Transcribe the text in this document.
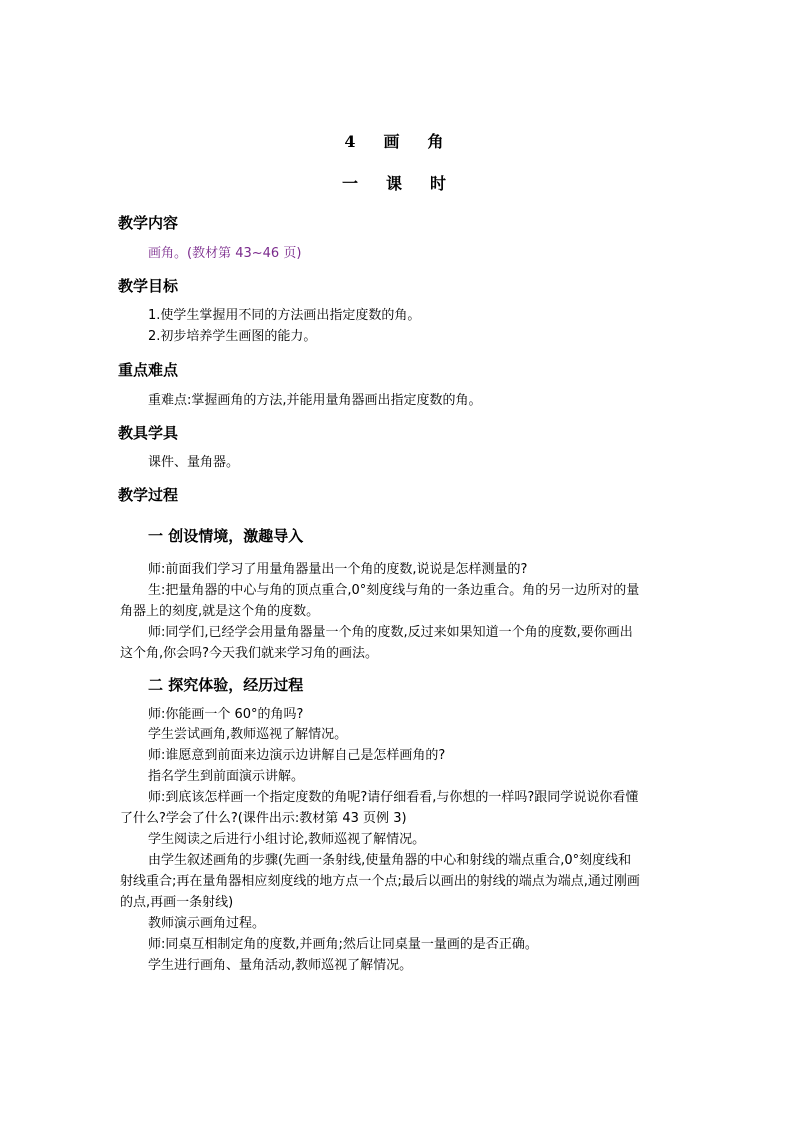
4　画　角
一　课　时
教学内容
画角。(教材第 43~46 页)
教学目标
1.使学生掌握用不同的方法画出指定度数的角。
2.初步培养学生画图的能力。
重点难点
重难点:掌握画角的方法,并能用量角器画出指定度数的角。
教具学具
课件、量角器。
教学过程
一 创设情境，激趣导入
师:前面我们学习了用量角器量出一个角的度数,说说是怎样测量的?
生:把量角器的中心与角的顶点重合,0°刻度线与角的一条边重合。角的另一边所对的量
角器上的刻度,就是这个角的度数。
师:同学们,已经学会用量角器量一个角的度数,反过来如果知道一个角的度数,要你画出
这个角,你会吗?今天我们就来学习角的画法。
二 探究体验，经历过程
师:你能画一个 60°的角吗?
学生尝试画角,教师巡视了解情况。
师:谁愿意到前面来边演示边讲解自己是怎样画角的?
指名学生到前面演示讲解。
师:到底该怎样画一个指定度数的角呢?请仔细看看,与你想的一样吗?跟同学说说你看懂
了什么?学会了什么?(课件出示:教材第 43 页例 3)
学生阅读之后进行小组讨论,教师巡视了解情况。
由学生叙述画角的步骤(先画一条射线,使量角器的中心和射线的端点重合,0°刻度线和
射线重合;再在量角器相应刻度线的地方点一个点;最后以画出的射线的端点为端点,通过刚画
的点,再画一条射线)
教师演示画角过程。
师:同桌互相制定角的度数,并画角;然后让同桌量一量画的是否正确。
学生进行画角、量角活动,教师巡视了解情况。
